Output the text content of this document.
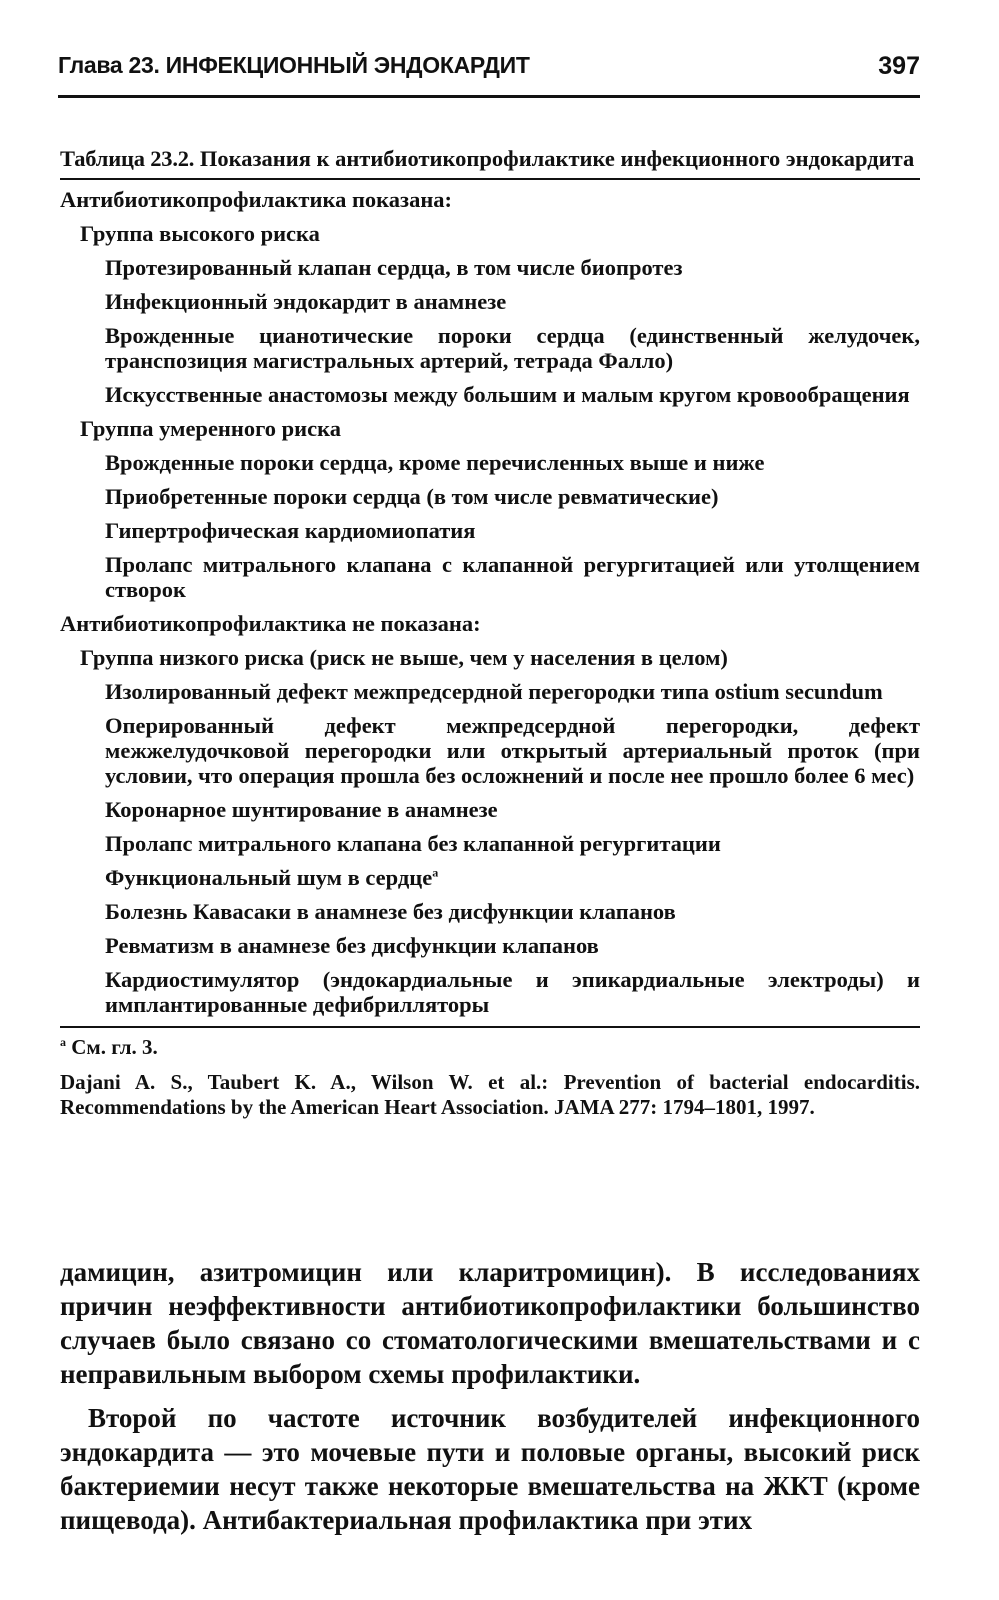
Глава 23. ИНФЕКЦИОННЫЙ ЭНДОКАРДИТ	397
Таблица 23.2. Показания к антибиотикопрофилактике инфекционного эндокардита
Антибиотикопрофилактика показана:
Группа высокого риска
Протезированный клапан сердца, в том числе биопротез
Инфекционный эндокардит в анамнезе
Врожденные цианотические пороки сердца (единственный желудочек, транспозиция магистральных артерий, тетрада Фалло)
Искусственные анастомозы между большим и малым кругом кровообращения
Группа умеренного риска
Врожденные пороки сердца, кроме перечисленных выше и ниже
Приобретенные пороки сердца (в том числе ревматические)
Гипертрофическая кардиомиопатия
Пролапс митрального клапана с клапанной регургитацией или утолщением створок
Антибиотикопрофилактика не показана:
Группа низкого риска (риск не выше, чем у населения в целом)
Изолированный дефект межпредсердной перегородки типа ostium secundum
Оперированный дефект межпредсердной перегородки, дефект межжелудочковой перегородки или открытый артериальный проток (при условии, что операция прошла без осложнений и после нее прошло более 6 мес)
Коронарное шунтирование в анамнезе
Пролапс митрального клапана без клапанной регургитации
Функциональный шум в сердце$^a$
Болезнь Кавасаки в анамнезе без дисфункции клапанов
Ревматизм в анамнезе без дисфункции клапанов
Кардиостимулятор (эндокардиальные и эпикардиальные электроды) и имплантированные дефибрилляторы
$^a$ См. гл. 3.
Dajani A. S., Taubert K. A., Wilson W. et al.: Prevention of bacterial endocarditis. Recommendations by the American Heart Association. JAMA 277: 1794–1801, 1997.

дамицин, азитромицин или кларитромицин). В исследованиях причин неэффективности антибиотикопрофилактики большинство случаев было связано со стоматологическими вмешательствами и с неправильным выбором схемы профилактики.

Второй по частоте источник возбудителей инфекционного эндокардита — это мочевые пути и половые органы, высокий риск бактериемии несут также некоторые вмешательства на ЖКТ (кроме пищевода). Антибактериальная профилактика при этих
